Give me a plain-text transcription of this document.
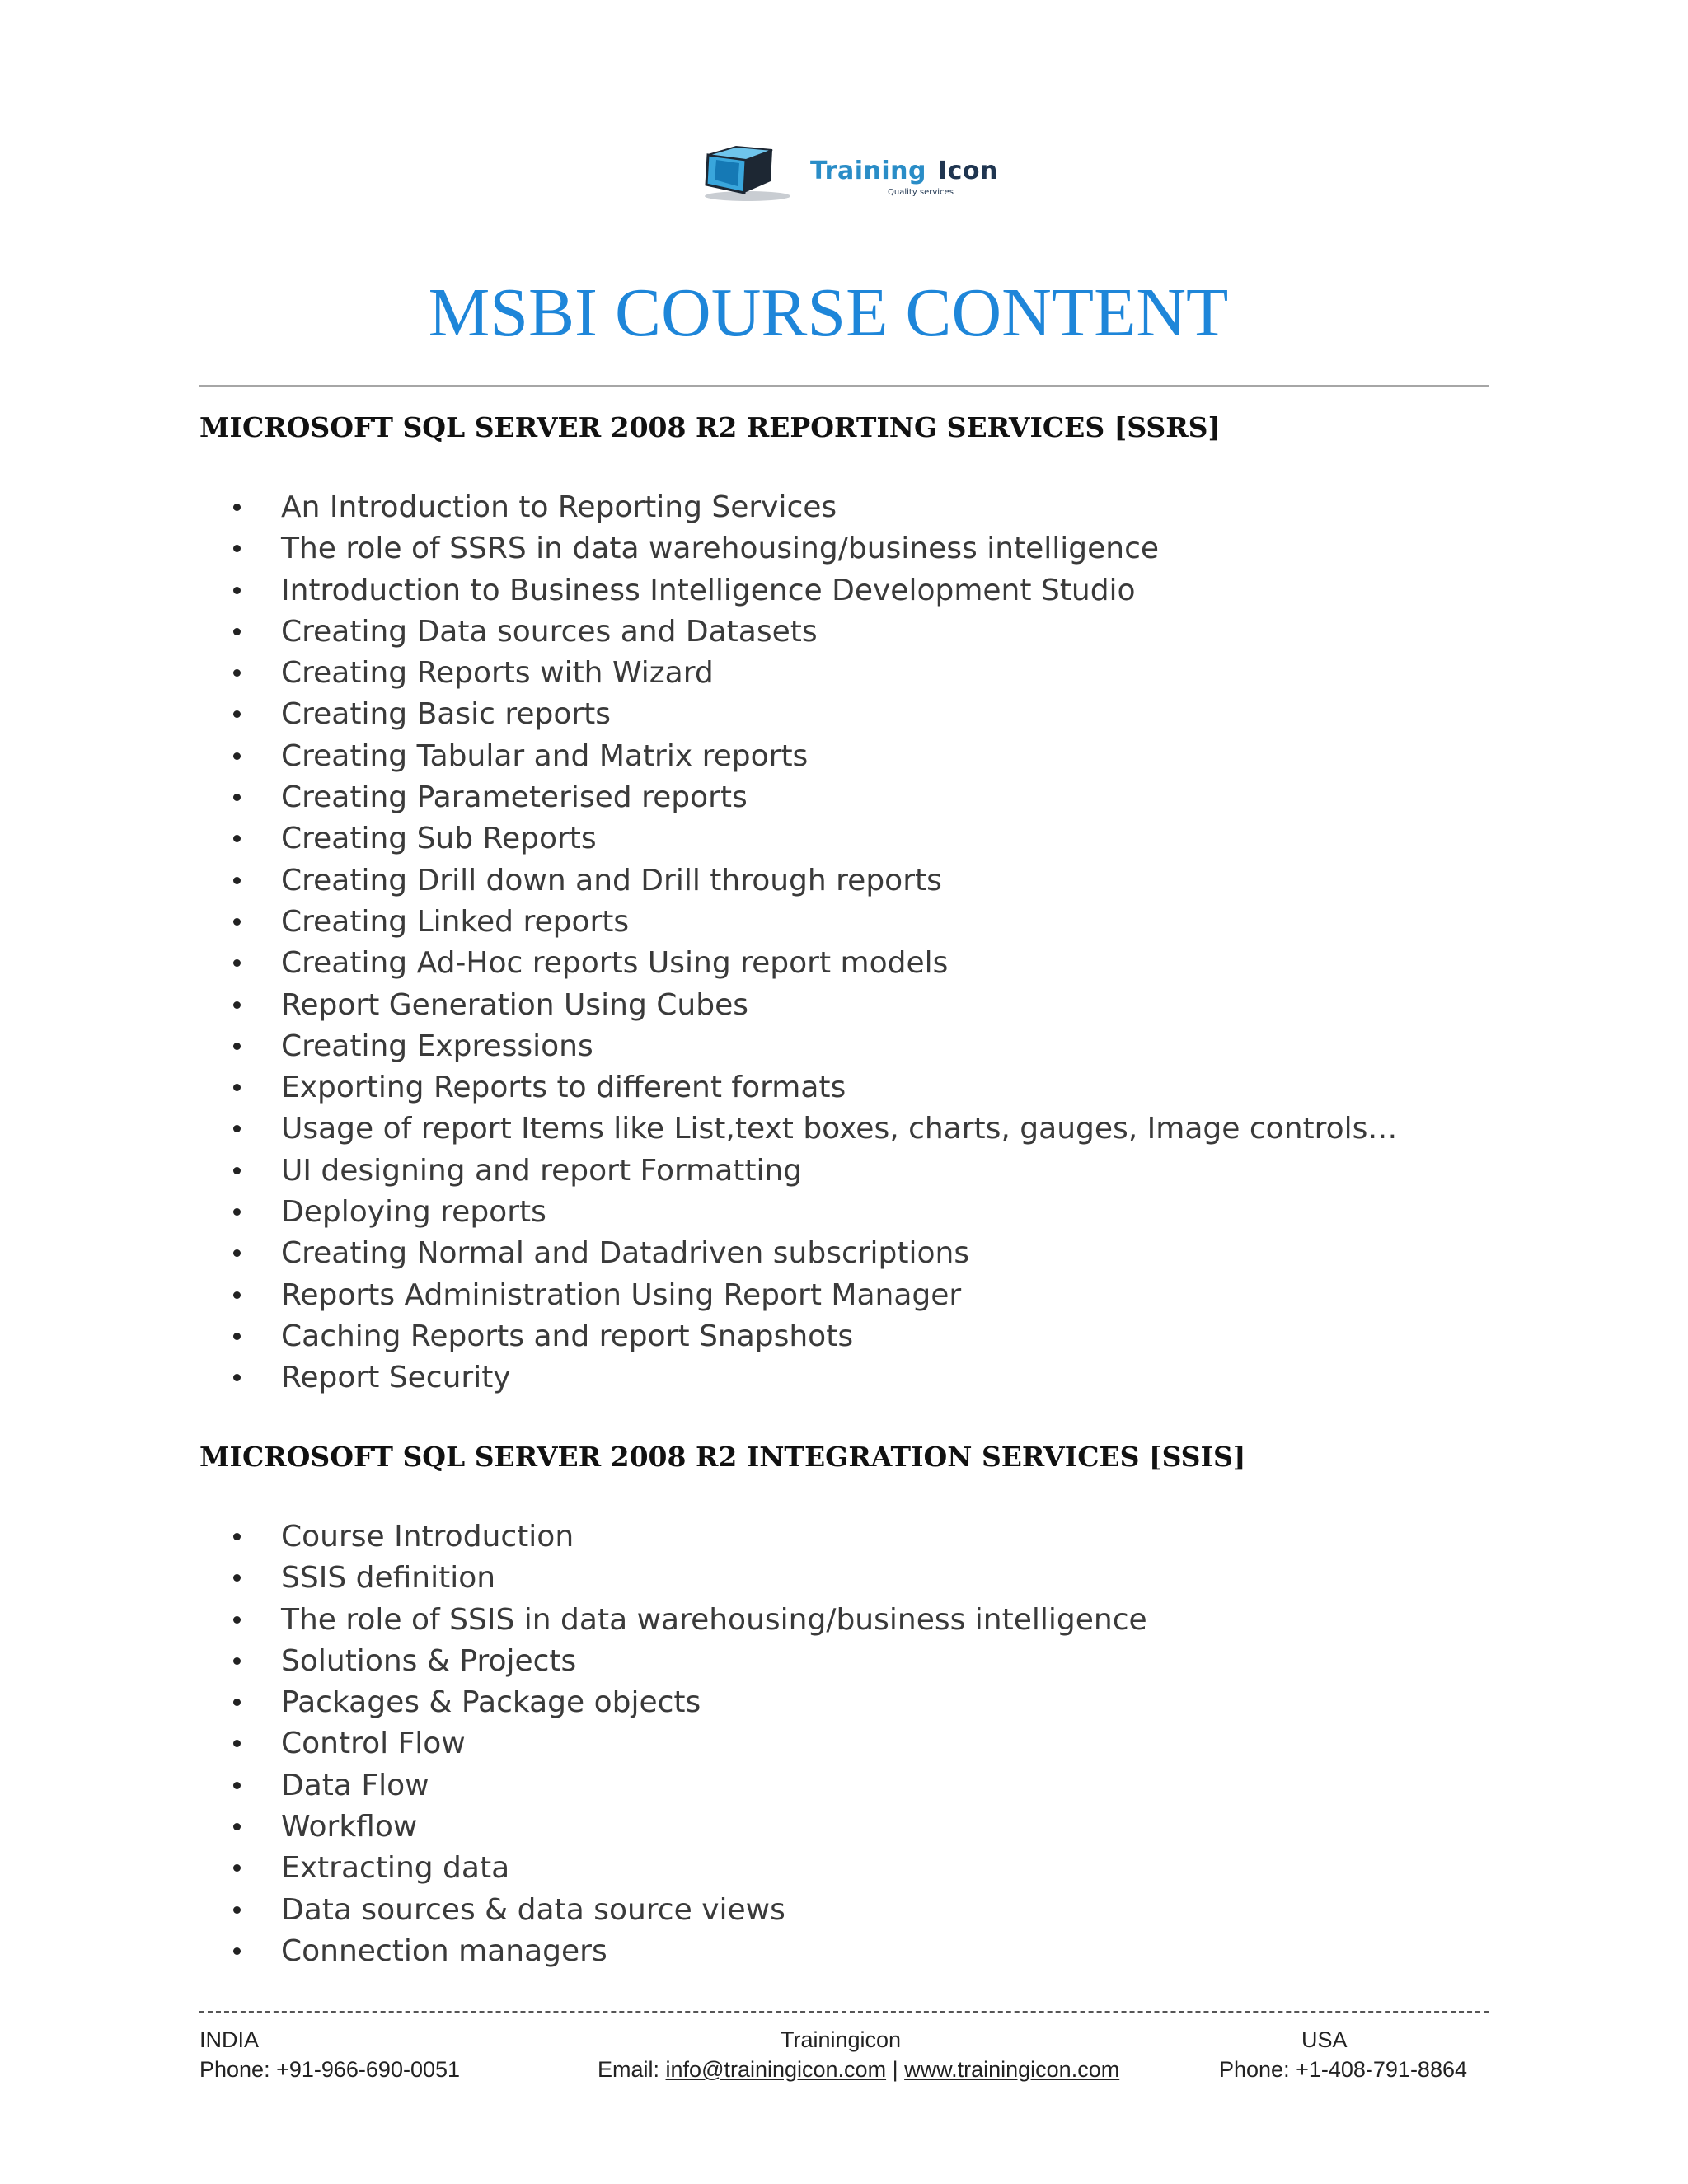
Training Icon
Quality services
MSBI COURSE CONTENT
MICROSOFT SQL SERVER 2008 R2 REPORTING SERVICES [SSRS]
An Introduction to Reporting Services
The role of SSRS in data warehousing/business intelligence
Introduction to Business Intelligence Development Studio
Creating Data sources and Datasets
Creating Reports with Wizard
Creating Basic reports
Creating Tabular and Matrix reports
Creating Parameterised reports
Creating Sub Reports
Creating Drill down and Drill through reports
Creating Linked reports
Creating Ad-Hoc reports Using report models
Report Generation Using Cubes
Creating Expressions
Exporting Reports to different formats
Usage of report Items like List,text boxes, charts, gauges, Image controls…
UI designing and report Formatting
Deploying reports
Creating Normal and Datadriven subscriptions
Reports Administration Using Report Manager
Caching Reports and report Snapshots
Report Security
MICROSOFT SQL SERVER 2008 R2 INTEGRATION SERVICES [SSIS]
Course Introduction
SSIS definition
The role of SSIS in data warehousing/business intelligence
Solutions & Projects
Packages & Package objects
Control Flow
Data Flow
Workflow
Extracting data
Data sources & data source views
Connection managers
INDIA
Phone: +91-966-690-0051
Trainingicon
Email: info@trainingicon.com | www.trainingicon.com
USA
Phone: +1-408-791-8864
